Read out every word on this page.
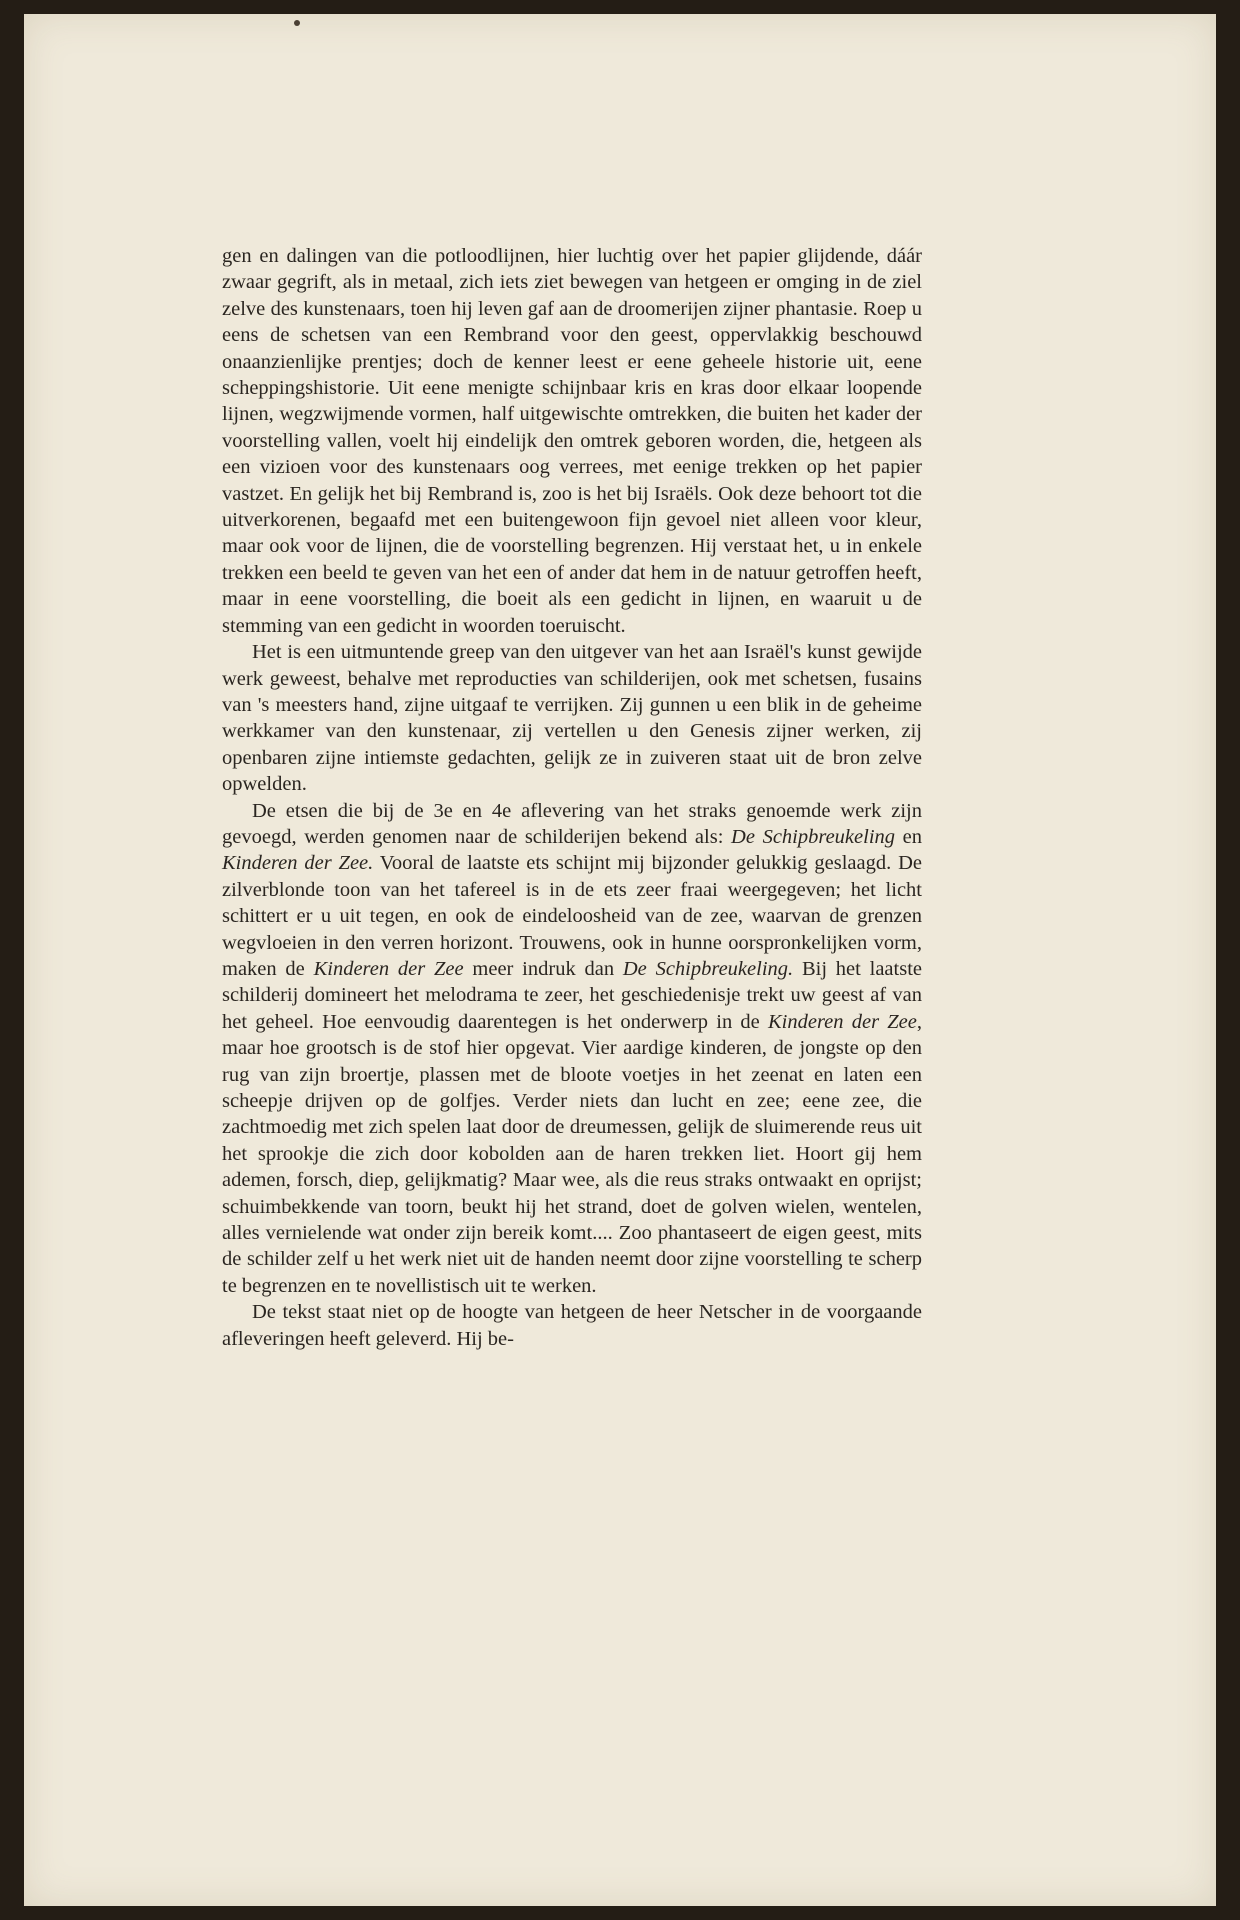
gen en dalingen van die potloodlijnen, hier luchtig over het papier glijdende, dáár zwaar gegrift, als in metaal, zich iets ziet bewegen van hetgeen er omging in de ziel zelve des kunstenaars, toen hij leven gaf aan de droomerijen zijner phantasie. Roep u eens de schetsen van een Rembrand voor den geest, oppervlakkig beschouwd onaanzienlijke prentjes; doch de kenner leest er eene geheele historie uit, eene scheppingshistorie. Uit eene menigte schijnbaar kris en kras door elkaar loopende lijnen, wegzwijmende vormen, half uitgewischte omtrekken, die buiten het kader der voorstelling vallen, voelt hij eindelijk den omtrek geboren worden, die, hetgeen als een vizioen voor des kunstenaars oog verrees, met eenige trekken op het papier vastzet. En gelijk het bij Rembrand is, zoo is het bij Israëls. Ook deze behoort tot die uitverkorenen, begaafd met een buitengewoon fijn gevoel niet alleen voor kleur, maar ook voor de lijnen, die de voorstelling begrenzen. Hij verstaat het, u in enkele trekken een beeld te geven van het een of ander dat hem in de natuur getroffen heeft, maar in eene voorstelling, die boeit als een gedicht in lijnen, en waaruit u de stemming van een gedicht in woorden toeruischt.

Het is een uitmuntende greep van den uitgever van het aan Israël's kunst gewijde werk geweest, behalve met reproducties van schilderijen, ook met schetsen, fusains van 's meesters hand, zijne uitgaaf te verrijken. Zij gunnen u een blik in de geheime werkkamer van den kunstenaar, zij vertellen u den Genesis zijner werken, zij openbaren zijne intiemste gedachten, gelijk ze in zuiveren staat uit de bron zelve opwelden.

De etsen die bij de 3e en 4e aflevering van het straks genoemde werk zijn gevoegd, werden genomen naar de schilderijen bekend als: De Schipbreukeling en Kinderen der Zee. Vooral de laatste ets schijnt mij bijzonder gelukkig geslaagd. De zilverblonde toon van het tafereel is in de ets zeer fraai weergegeven; het licht schittert er u uit tegen, en ook de eindeloosheid van de zee, waarvan de grenzen wegvloeien in den verren horizont. Trouwens, ook in hunne oorspronkelijken vorm, maken de Kinderen der Zee meer indruk dan De Schipbreukeling. Bij het laatste schilderij domineert het melodrama te zeer, het geschiedenisje trekt uw geest af van het geheel. Hoe eenvoudig daarentegen is het onderwerp in de Kinderen der Zee, maar hoe grootsch is de stof hier opgevat. Vier aardige kinderen, de jongste op den rug van zijn broertje, plassen met de bloote voetjes in het zeenat en laten een scheepje drijven op de golfjes. Verder niets dan lucht en zee; eene zee, die zachtmoedig met zich spelen laat door de dreumessen, gelijk de sluimerende reus uit het sprookje die zich door kobolden aan de haren trekken liet. Hoort gij hem ademen, forsch, diep, gelijkmatig? Maar wee, als die reus straks ontwaakt en oprijst; schuimbekkende van toorn, beukt hij het strand, doet de golven wielen, wentelen, alles vernielende wat onder zijn bereik komt.... Zoo phantaseert de eigen geest, mits de schilder zelf u het werk niet uit de handen neemt door zijne voorstelling te scherp te begrenzen en te novellistisch uit te werken.

De tekst staat niet op de hoogte van hetgeen de heer Netscher in de voorgaande afleveringen heeft geleverd. Hij be-
